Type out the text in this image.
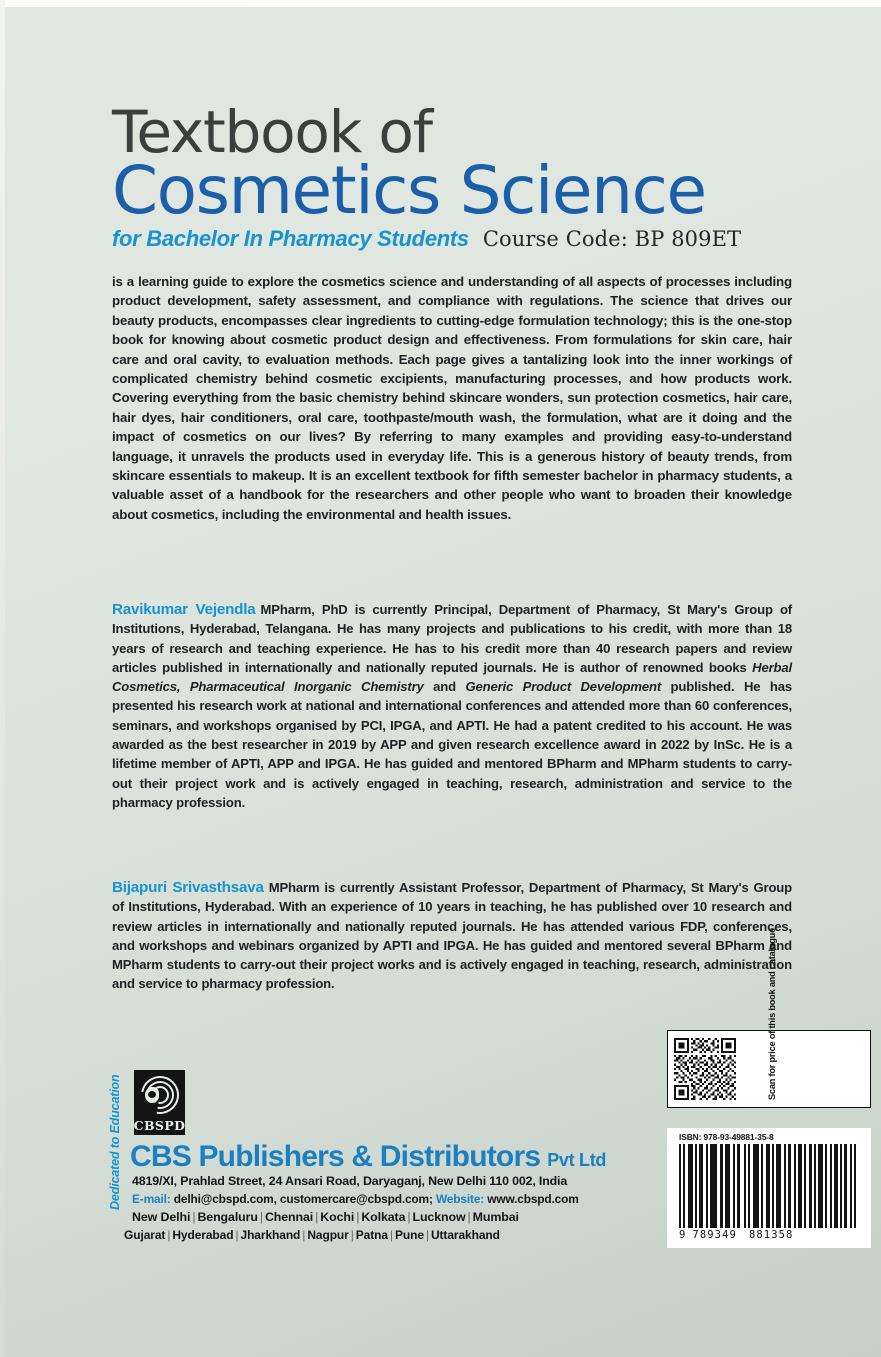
Textbook of
Cosmetics Science
for Bachelor In Pharmacy Students Course Code: BP 809ET
is a learning guide to explore the cosmetics science and understanding of all aspects of processes including product development, safety assessment, and compliance with regulations. The science that drives our beauty products, encompasses clear ingredients to cutting-edge formulation technology; this is the one-stop book for knowing about cosmetic product design and effectiveness. From formulations for skin care, hair care and oral cavity, to evaluation methods. Each page gives a tantalizing look into the inner workings of complicated chemistry behind cosmetic excipients, manufacturing processes, and how products work. Covering everything from the basic chemistry behind skincare wonders, sun protection cosmetics, hair care, hair dyes, hair conditioners, oral care, toothpaste/mouth wash, the formulation, what are it doing and the impact of cosmetics on our lives? By referring to many examples and providing easy-to-understand language, it unravels the products used in everyday life. This is a generous history of beauty trends, from skincare essentials to makeup. It is an excellent textbook for fifth semester bachelor in pharmacy students, a valuable asset of a handbook for the researchers and other people who want to broaden their knowledge about cosmetics, including the environmental and health issues.
Ravikumar Vejendla MPharm, PhD is currently Principal, Department of Pharmacy, St Mary's Group of Institutions, Hyderabad, Telangana. He has many projects and publications to his credit, with more than 18 years of research and teaching experience. He has to his credit more than 40 research papers and review articles published in internationally and nationally reputed journals. He is author of renowned books Herbal Cosmetics, Pharmaceutical Inorganic Chemistry and Generic Product Development published. He has presented his research work at national and international conferences and attended more than 60 conferences, seminars, and workshops organised by PCI, IPGA, and APTI. He had a patent credited to his account. He was awarded as the best researcher in 2019 by APP and given research excellence award in 2022 by InSc. He is a lifetime member of APTI, APP and IPGA. He has guided and mentored BPharm and MPharm students to carry-out their project work and is actively engaged in teaching, research, administration and service to the pharmacy profession.
Bijapuri Srivasthsava MPharm is currently Assistant Professor, Department of Pharmacy, St Mary's Group of Institutions, Hyderabad. With an experience of 10 years in teaching, he has published over 10 research and review articles in internationally and nationally reputed journals. He has attended various FDP, conferences, and workshops and webinars organized by APTI and IPGA. He has guided and mentored several BPharm and MPharm students to carry-out their project works and is actively engaged in teaching, research, administration and service to pharmacy profession.
Dedicated to Education CBSPD
CBS Publishers & Distributors Pvt Ltd
4819/XI, Prahlad Street, 24 Ansari Road, Daryaganj, New Delhi 110 002, India
E-mail: delhi@cbspd.com, customercare@cbspd.com; Website: www.cbspd.com
New Delhi | Bengaluru | Chennai | Kochi | Kolkata | Lucknow | Mumbai
Gujarat | Hyderabad | Jharkhand | Nagpur | Patna | Pune | Uttarakhand
Scan for price of this book and catalogue
ISBN: 978-93-49881-35-8
9 789349 881358
